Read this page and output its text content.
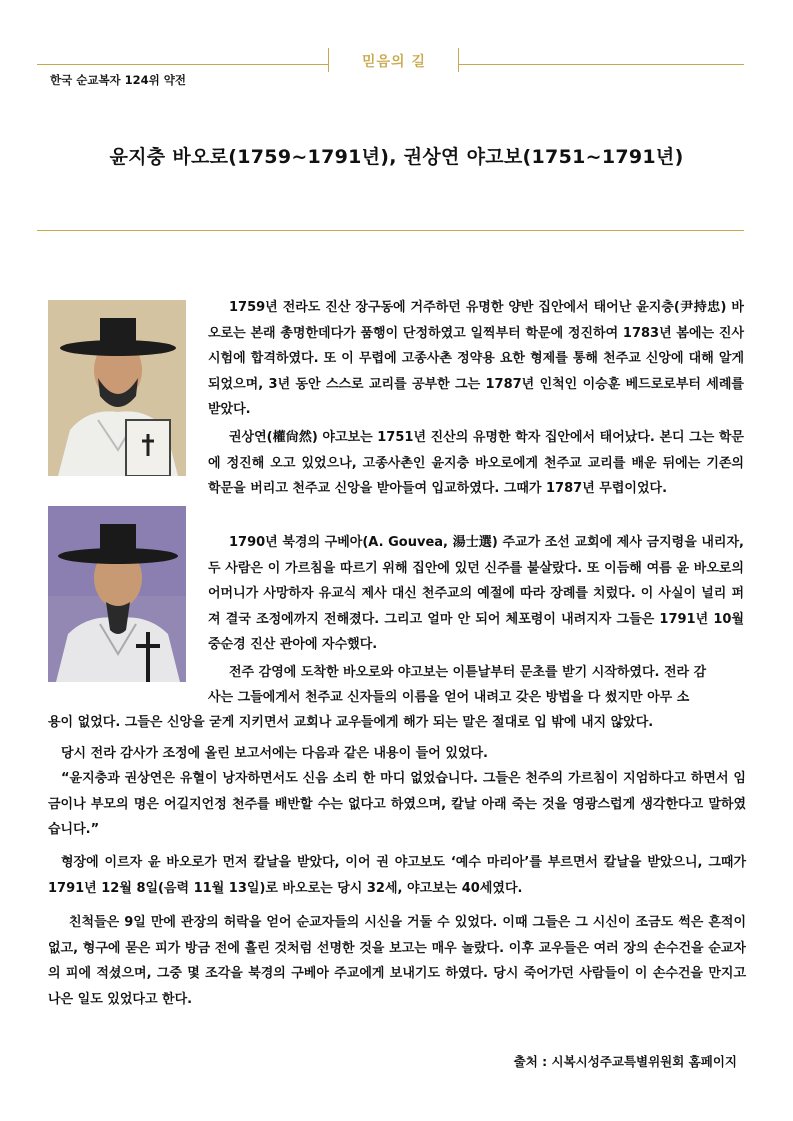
믿음의 길
한국 순교복자 124위 약전
윤지충 바오로(1759~1791년), 권상연 야고보(1751~1791년)

1759년 전라도 진산 장구동에 거주하던 유명한 양반 집안에서 태어난 윤지충(尹持忠) 바오로는 본래 총명한데다가 품행이 단정하였고 일찍부터 학문에 정진하여 1783년 봄에는 진사 시험에 합격하였다. 또 이 무렵에 고종사촌 정약용 요한 형제를 통해 천주교 신앙에 대해 알게 되었으며, 3년 동안 스스로 교리를 공부한 그는 1787년 인척인 이승훈 베드로로부터 세례를 받았다.

권상연(權尙然) 야고보는 1751년 진산의 유명한 학자 집안에서 태어났다. 본디 그는 학문에 정진해 오고 있었으나, 고종사촌인 윤지충 바오로에게 천주교 교리를 배운 뒤에는 기존의 학문을 버리고 천주교 신앙을 받아들여 입교하였다. 그때가 1787년 무렵이었다.

1790년 북경의 구베아(A. Gouvea, 湯士選) 주교가 조선 교회에 제사 금지령을 내리자, 두 사람은 이 가르침을 따르기 위해 집안에 있던 신주를 불살랐다. 또 이듬해 여름 윤 바오로의 어머니가 사망하자 유교식 제사 대신 천주교의 예절에 따라 장례를 치렀다. 이 사실이 널리 퍼져 결국 조정에까지 전해졌다. 그리고 얼마 안 되어 체포령이 내려지자 그들은 1791년 10월 중순경 진산 관아에 자수했다.

전주 감영에 도착한 바오로와 야고보는 이튿날부터 문초를 받기 시작하였다. 전라 감
사는 그들에게서 천주교 신자들의 이름을 얻어 내려고 갖은 방법을 다 썼지만 아무 소
용이 없었다. 그들은 신앙을 굳게 지키면서 교회나 교우들에게 해가 되는 말은 절대로 입 밖에 내지 않았다.

당시 전라 감사가 조정에 올린 보고서에는 다음과 같은 내용이 들어 있었다.

“윤지충과 권상연은 유혈이 낭자하면서도 신음 소리 한 마디 없었습니다. 그들은 천주의 가르침이 지엄하다고 하면서 임금이나 부모의 명은 어길지언정 천주를 배반할 수는 없다고 하였으며, 칼날 아래 죽는 것을 영광스럽게 생각한다고 말하였습니다.”

형장에 이르자 윤 바오로가 먼저 칼날을 받았다, 이어 권 야고보도 ‘예수 마리아’를 부르면서 칼날을 받았으니, 그때가 1791년 12월 8일(음력 11월 13일)로 바오로는 당시 32세, 야고보는 40세였다.

친척들은 9일 만에 관장의 허락을 얻어 순교자들의 시신을 거둘 수 있었다. 이때 그들은 그 시신이 조금도 썩은 흔적이 없고, 형구에 묻은 피가 방금 전에 흘린 것처럼 선명한 것을 보고는 매우 놀랐다. 이후 교우들은 여러 장의 손수건을 순교자의 피에 적셨으며, 그중 몇 조각을 북경의 구베아 주교에게 보내기도 하였다. 당시 죽어가던 사람들이 이 손수건을 만지고 나은 일도 있었다고 한다.

출처 : 시복시성주교특별위원회 홈페이지
